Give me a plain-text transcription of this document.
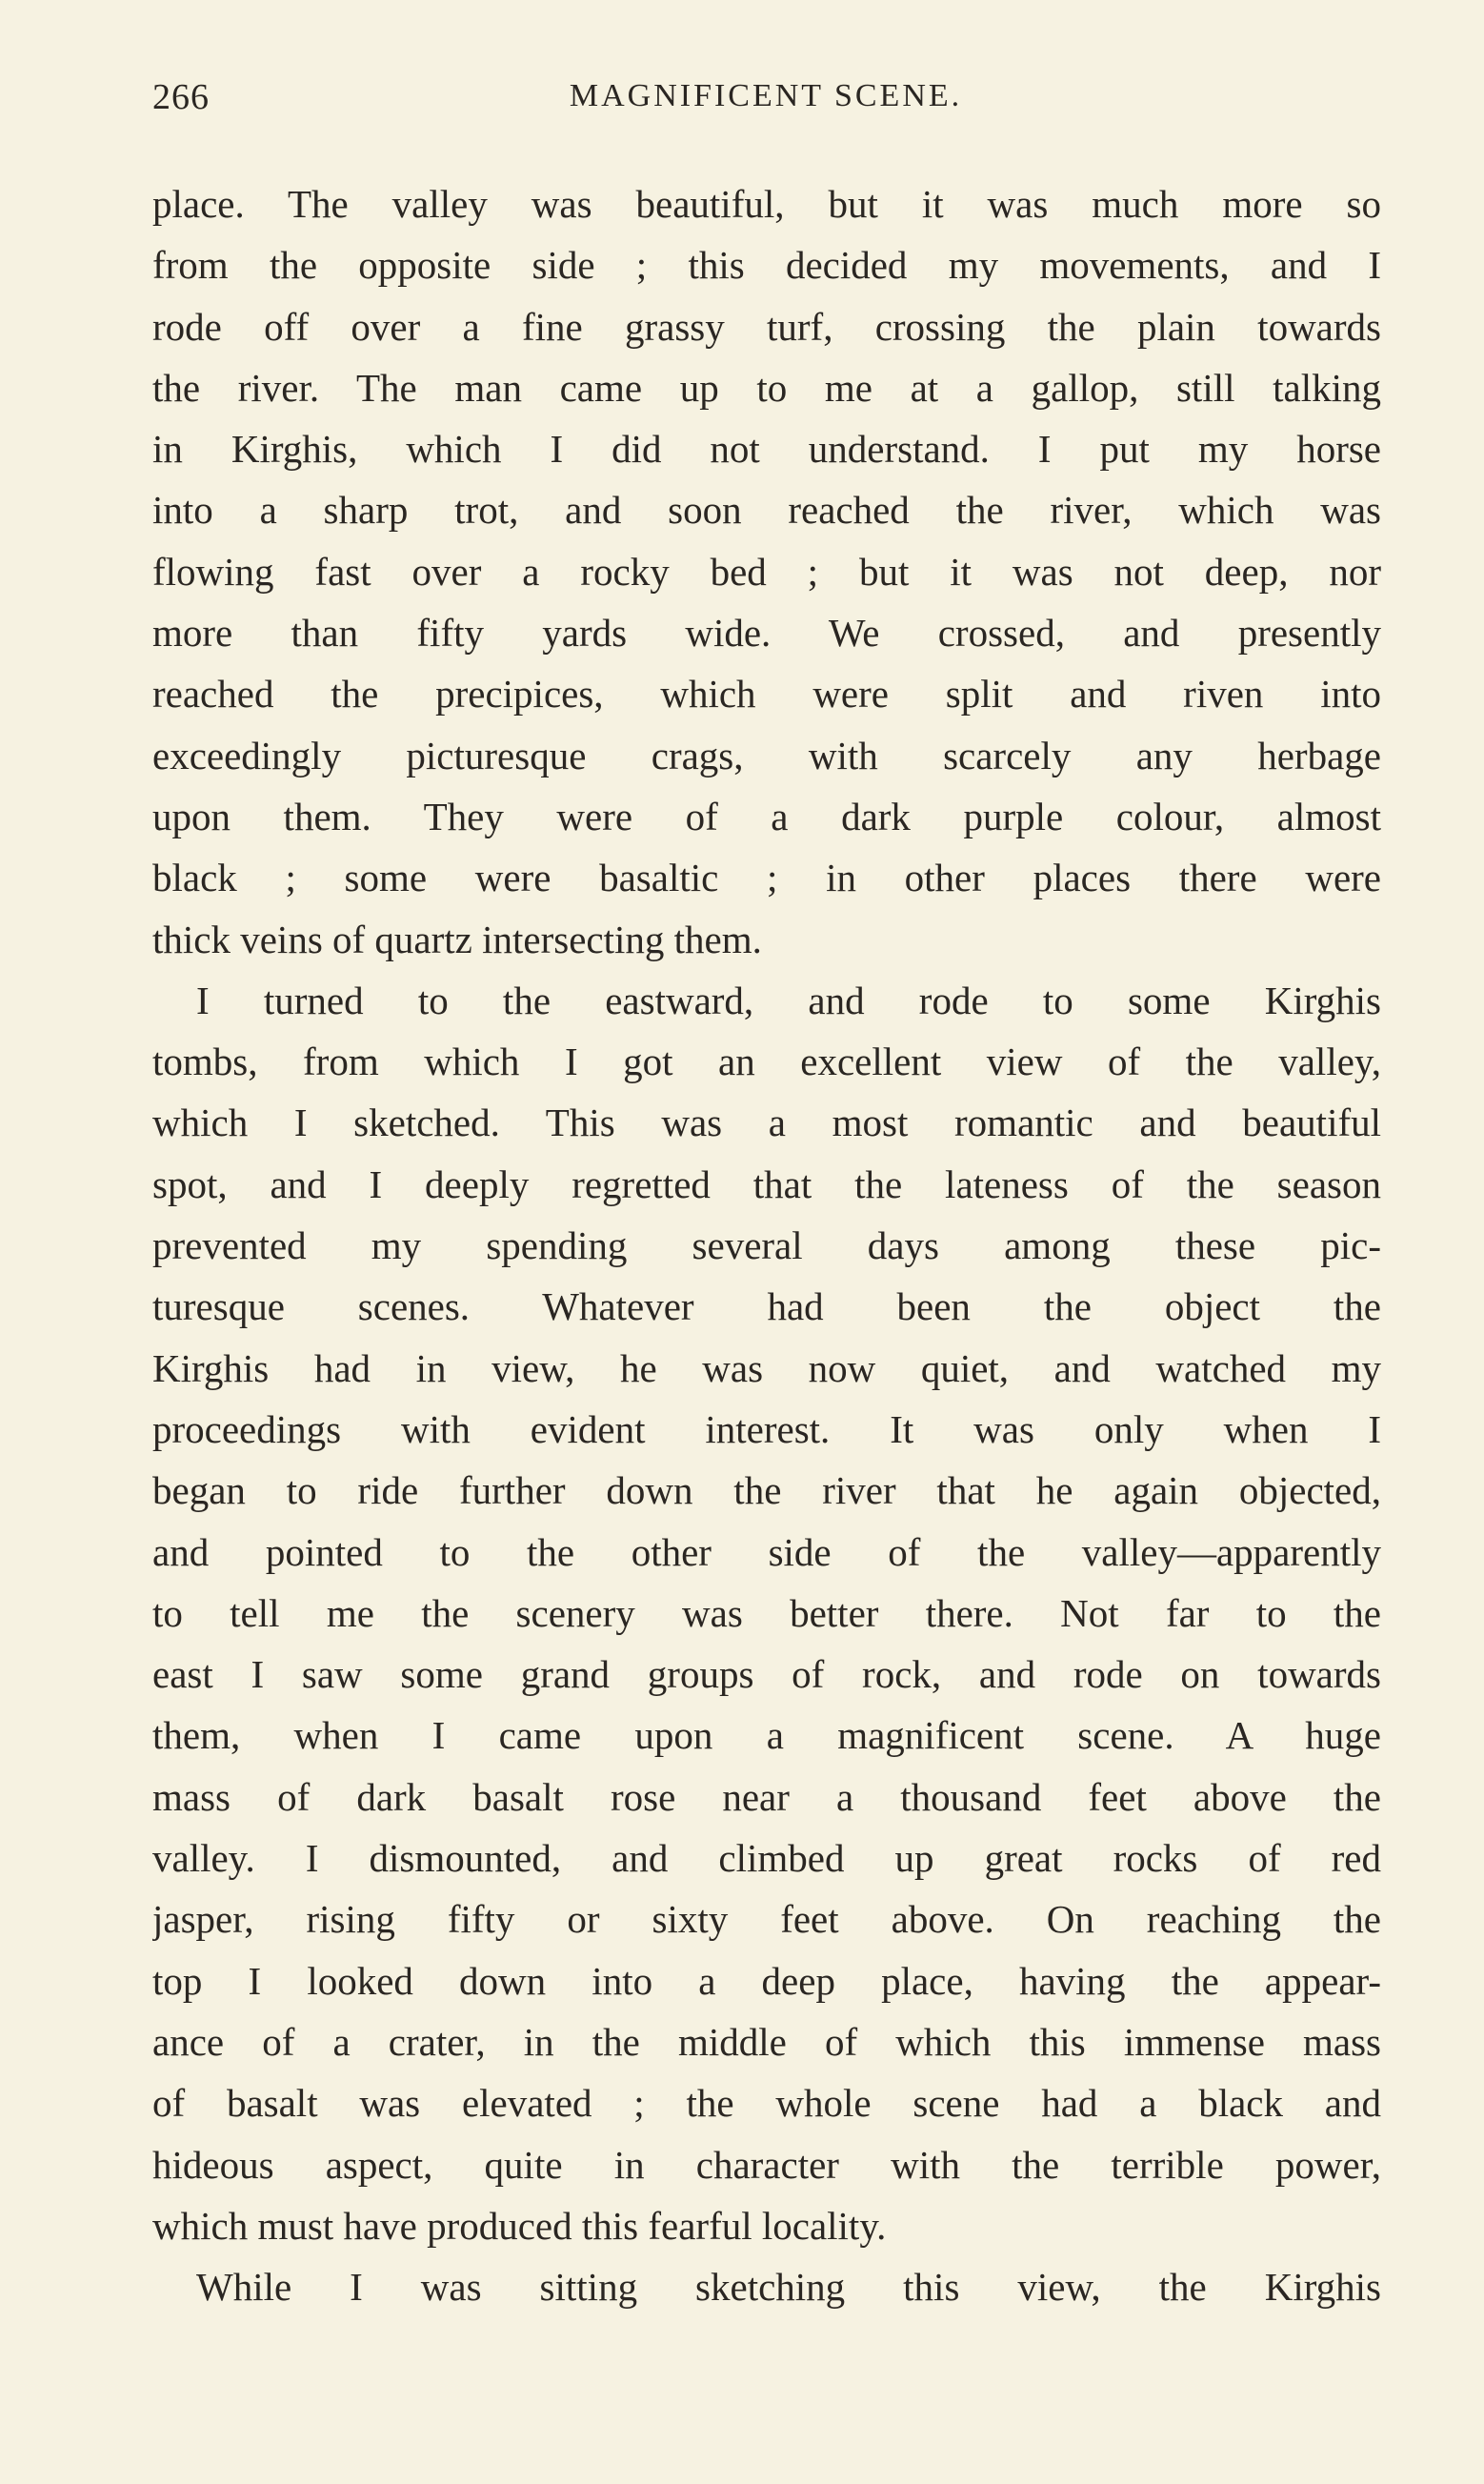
266	MAGNIFICENT SCENE.
place. The valley was beautiful, but it was much more so
from the opposite side ; this decided my movements, and I
rode off over a fine grassy turf, crossing the plain towards
the river. The man came up to me at a gallop, still talking
in Kirghis, which I did not understand. I put my horse
into a sharp trot, and soon reached the river, which was
flowing fast over a rocky bed ; but it was not deep, nor
more than fifty yards wide. We crossed, and presently
reached the precipices, which were split and riven into
exceedingly picturesque crags, with scarcely any herbage
upon them. They were of a dark purple colour, almost
black ; some were basaltic ; in other places there were
thick veins of quartz intersecting them.
I turned to the eastward, and rode to some Kirghis
tombs, from which I got an excellent view of the valley,
which I sketched. This was a most romantic and beautiful
spot, and I deeply regretted that the lateness of the season
prevented my spending several days among these pic-
turesque scenes. Whatever had been the object the
Kirghis had in view, he was now quiet, and watched my
proceedings with evident interest. It was only when I
began to ride further down the river that he again objected,
and pointed to the other side of the valley—apparently
to tell me the scenery was better there. Not far to the
east I saw some grand groups of rock, and rode on towards
them, when I came upon a magnificent scene. A huge
mass of dark basalt rose near a thousand feet above the
valley. I dismounted, and climbed up great rocks of red
jasper, rising fifty or sixty feet above. On reaching the
top I looked down into a deep place, having the appear-
ance of a crater, in the middle of which this immense mass
of basalt was elevated ; the whole scene had a black and
hideous aspect, quite in character with the terrible power,
which must have produced this fearful locality.
While I was sitting sketching this view, the Kirghis
